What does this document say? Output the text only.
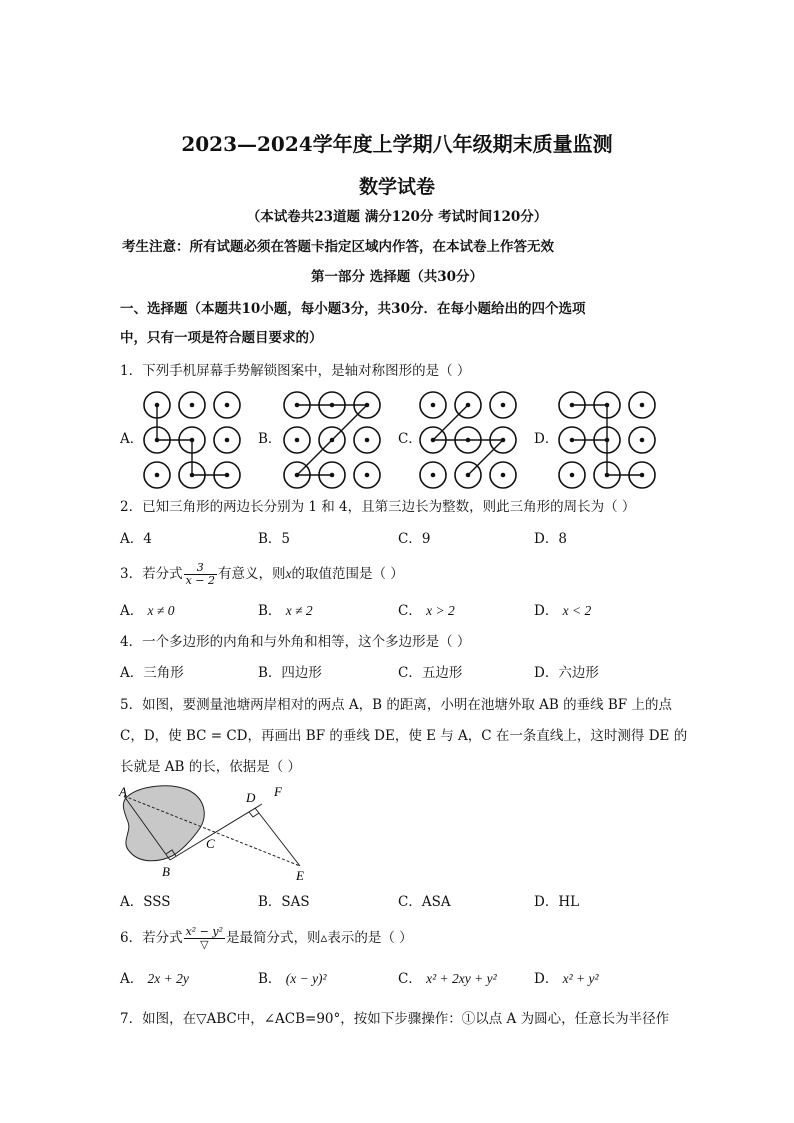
2023—2024学年度上学期八年级期末质量监测
数学试卷
（本试卷共23道题 满分120分 考试时间120分）
考生注意：所有试题必须在答题卡指定区域内作答，在本试卷上作答无效
第一部分 选择题（共30分）
一、选择题（本题共10小题，每小题3分，共30分．在每小题给出的四个选项
中，只有一项是符合题目要求的）
1．下列手机屏幕手势解锁图案中，是轴对称图形的是（ ）
A．	B．	C．	D．
2．已知三角形的两边长分别为 1 和 4，且第三边长为整数，则此三角形的周长为（ ）
A．4	B．5	C．9	D．8
3．若分式 $\frac{3}{x - 2}$ 有意义，则x的取值范围是（ ）
A． x ≠ 0	B． x ≠ 2	C． x > 2	D． x < 2
4．一个多边形的内角和与外角和相等，这个多边形是（ ）
A．三角形	B．四边形	C．五边形	D．六边形
5．如图，要测量池塘两岸相对的两点 A，B 的距离，小明在池塘外取 AB 的垂线 BF 上的点
C，D，使 BC = CD，再画出 BF 的垂线 DE，使 E 与 A，C 在一条直线上，这时测得 DE 的
长就是 AB 的长，依据是（ ）
A
B
C
D F
E
A．SSS	B．SAS	C．ASA	D．HL
6．若分式 $\frac{\text{x² − y²}}{▽}$ 是最简分式，则▵表示的是（ ）
A． 2x + 2y	B． (x − y)²	C． x² + 2xy + y²	D． x² + y²
7．如图，在▽ABC中，∠ACB=90°，按如下步骤操作：①以点 A 为圆心，任意长为半径作
